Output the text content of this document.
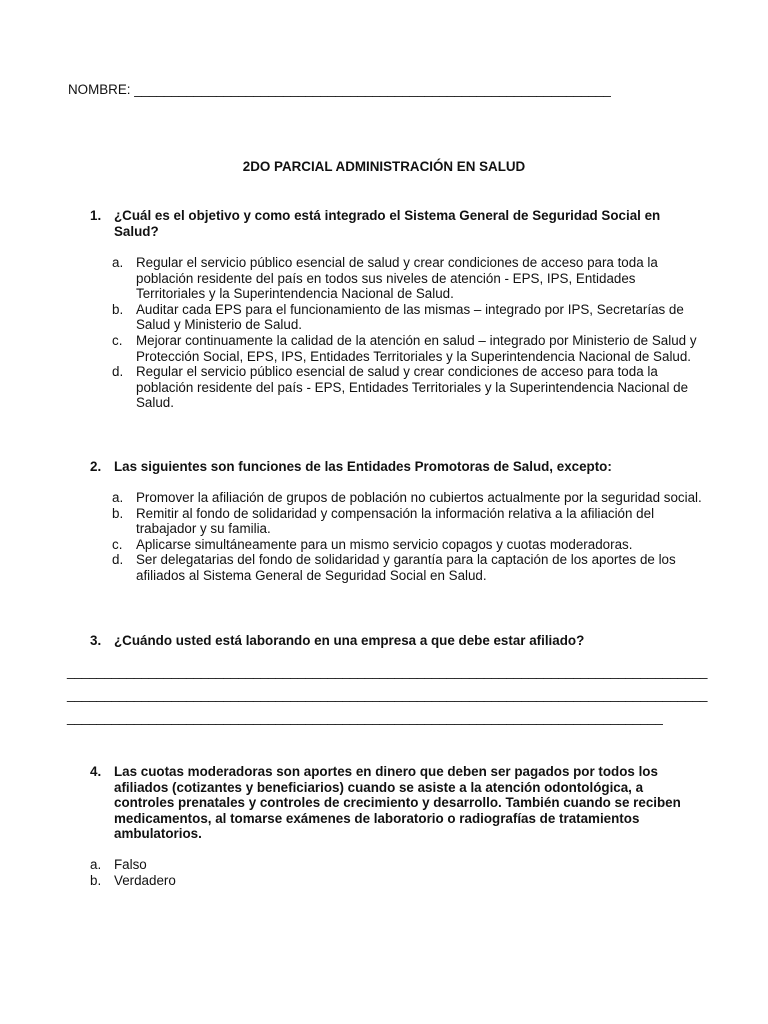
NOMBRE: ________________________________________________________________
2DO PARCIAL ADMINISTRACIÓN EN SALUD
1. ¿Cuál es el objetivo y como está integrado el Sistema General de Seguridad Social en Salud?
a. Regular el servicio público esencial de salud y crear condiciones de acceso para toda la población residente del país en todos sus niveles de atención - EPS, IPS, Entidades Territoriales y la Superintendencia Nacional de Salud.
b. Auditar cada EPS para el funcionamiento de las mismas – integrado por IPS, Secretarías de Salud y Ministerio de Salud.
c. Mejorar continuamente la calidad de la atención en salud – integrado por Ministerio de Salud y Protección Social, EPS, IPS, Entidades Territoriales y la Superintendencia Nacional de Salud.
d. Regular el servicio público esencial de salud y crear condiciones de acceso para toda la población residente del país - EPS, Entidades Territoriales y la Superintendencia Nacional de Salud.
2. Las siguientes son funciones de las Entidades Promotoras de Salud, excepto:
a. Promover la afiliación de grupos de población no cubiertos actualmente por la seguridad social.
b. Remitir al fondo de solidaridad y compensación la información relativa a la afiliación del trabajador y su familia.
c. Aplicarse simultáneamente para un mismo servicio copagos y cuotas moderadoras.
d. Ser delegatarias del fondo de solidaridad y garantía para la captación de los aportes de los afiliados al Sistema General de Seguridad Social en Salud.
3. ¿Cuándo usted está laborando en una empresa a que debe estar afiliado?
______________________________________________________________________________________
______________________________________________________________________________________
________________________________________________________________________________
4. Las cuotas moderadoras son aportes en dinero que deben ser pagados por todos los afiliados (cotizantes y beneficiarios) cuando se asiste a la atención odontológica, a controles prenatales y controles de crecimiento y desarrollo. También cuando se reciben medicamentos, al tomarse exámenes de laboratorio o radiografías de tratamientos ambulatorios.
a. Falso
b. Verdadero
